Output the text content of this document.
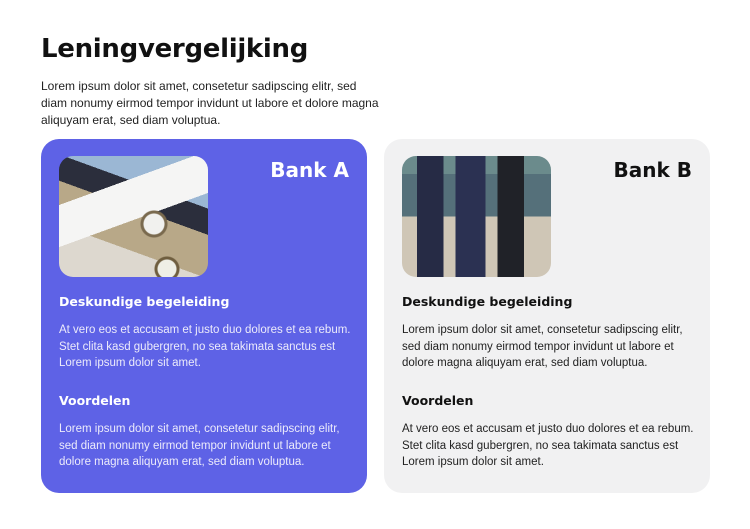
Leningvergelijking

Lorem ipsum dolor sit amet, consetetur sadipscing elitr, sed diam nonumy eirmod tempor invidunt ut labore et dolore magna aliquyam erat, sed diam voluptua.

Bank A
Deskundige begeleiding
At vero eos et accusam et justo duo dolores et ea rebum. Stet clita kasd gubergren, no sea takimata sanctus est Lorem ipsum dolor sit amet.
Voordelen
Lorem ipsum dolor sit amet, consetetur sadipscing elitr, sed diam nonumy eirmod tempor invidunt ut labore et dolore magna aliquyam erat, sed diam voluptua.
Bank B
Deskundige begeleiding
Lorem ipsum dolor sit amet, consetetur sadipscing elitr, sed diam nonumy eirmod tempor invidunt ut labore et dolore magna aliquyam erat, sed diam voluptua.
Voordelen
At vero eos et accusam et justo duo dolores et ea rebum. Stet clita kasd gubergren, no sea takimata sanctus est Lorem ipsum dolor sit amet.
